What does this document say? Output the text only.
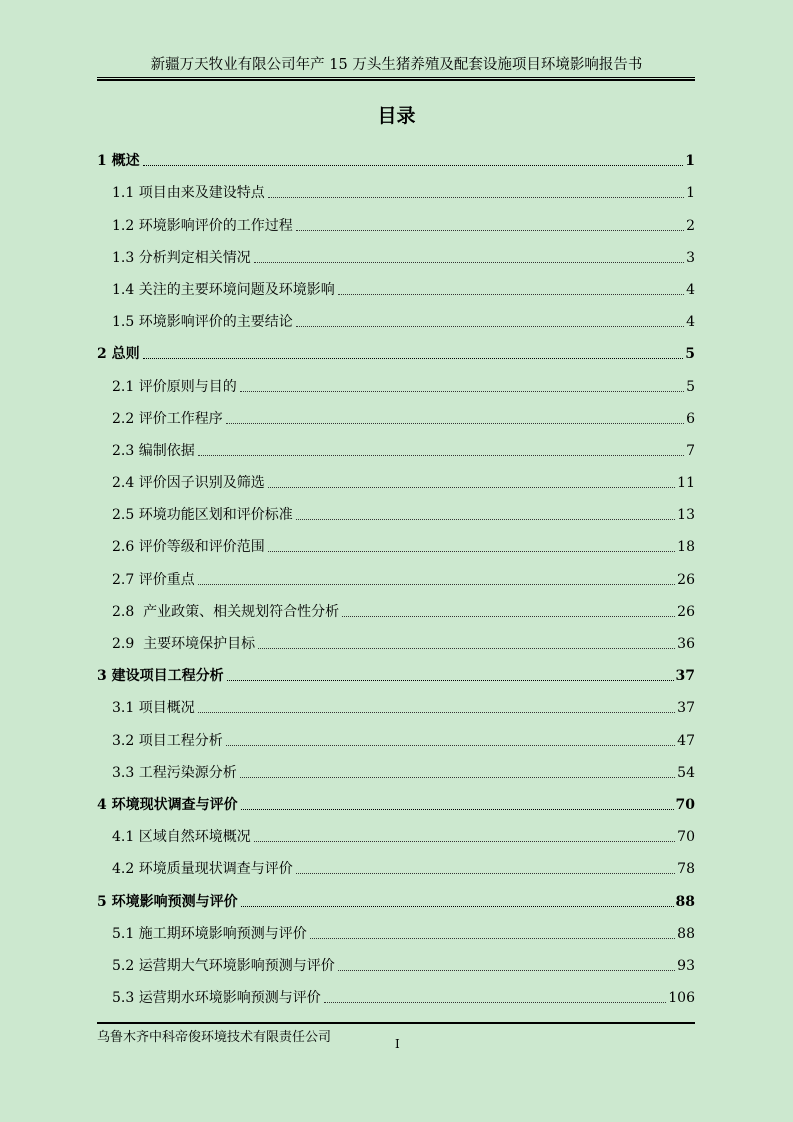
新疆万天牧业有限公司年产 15 万头生猪养殖及配套设施项目环境影响报告书
目录
1 概述	1
1.1 项目由来及建设特点	1
1.2 环境影响评价的工作过程	2
1.3 分析判定相关情况	3
1.4 关注的主要环境问题及环境影响	4
1.5 环境影响评价的主要结论	4
2 总则	5
2.1 评价原则与目的	5
2.2 评价工作程序	6
2.3 编制依据	7
2.4 评价因子识别及筛选	11
2.5 环境功能区划和评价标准	13
2.6 评价等级和评价范围	18
2.7 评价重点	26
2.8  产业政策、相关规划符合性分析	26
2.9  主要环境保护目标	36
3 建设项目工程分析	37
3.1 项目概况	37
3.2 项目工程分析	47
3.3 工程污染源分析	54
4 环境现状调查与评价	70
4.1 区域自然环境概况	70
4.2 环境质量现状调查与评价	78
5 环境影响预测与评价	88
5.1 施工期环境影响预测与评价	88
5.2 运营期大气环境影响预测与评价	93
5.3 运营期水环境影响预测与评价	106
乌鲁木齐中科帝俊环境技术有限责任公司	I
